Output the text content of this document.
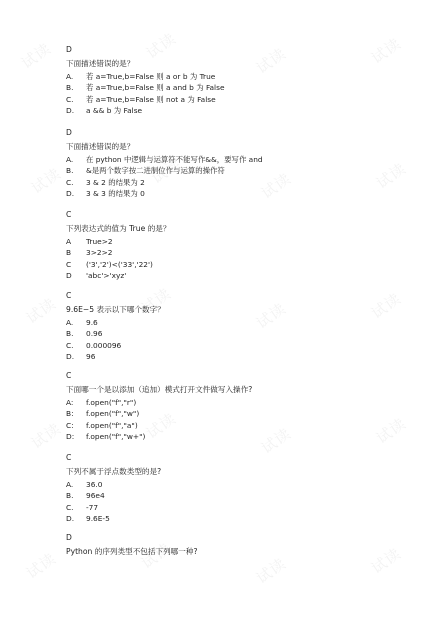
试读	试读	试读	试读
试读	试读	试读	试读
试读	试读	试读	试读
试读	试读	试读	试读
试读	试读	试读	试读
D
下面描述错误的是？
A.	若 a=True,b=False 则 a or b 为 True
B.	若 a=True,b=False 则 a and b 为 False
C.	若 a=True,b=False 则 not a 为 False
D.	a && b 为 False
D
下面描述错误的是？
A.	在 python 中逻辑与运算符不能写作&&，要写作 and
B.	&是两个数字按二进制位作与运算的操作符
C.	3 & 2 的结果为 2
D.	3 & 3 的结果为 0
C
下列表达式的值为 True 的是？
A	True>2
B	3>2>2
C	('3','2')<('33','22')
D	'abc'>'xyz'
C
9.6E−5 表示以下哪个数字？
A.	9.6
B.	0.96
C.	0.000096
D.	96
C
下面哪一个是以添加（追加）模式打开文件做写入操作?
A:	f.open("f","r")
B:	f.open("f","w")
C:	f.open("f","a")
D:	f.open("f","w+")
C
下列不属于浮点数类型的是?
A.	36.0
B.	96e4
C.	-77
D.	9.6E-5
D
Python 的序列类型不包括下列哪一种?
